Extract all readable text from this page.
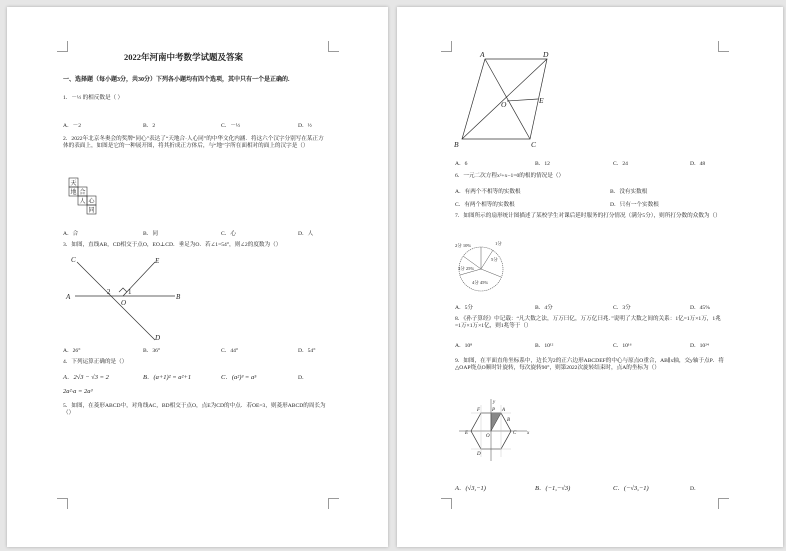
2022年河南中考数学试题及答案
一、选择题（每小题3分，共30分）下列各小题均有四个选项，其中只有一个是正确的.
1．－½ 的相反数是（ ）
A．－2	B．2	C．－½	D．½
2．2022年北京冬奥会的奖牌“同心”表达了“天地合·人心同”的中华文化内涵．将这六个汉字分别写在某正方体的表面上，如图是它的一种展开图，将其折成正方体后，与“地”字所在面相对的面上的汉字是（）
天
地 合
人 心
同
A．合	B．同	C．心	D．人
3．如图，直线AB，CD相交于点O，EO⊥CD．垂足为O．若∠1=54°，则∠2的度数为（）
C	E
A	B
D
O
1
2
A．26°	B．36°	C．44°	D．54°
4．下列运算正确的是（）
A．2√3 − √3 = 2	B．(a+1)² = a²+1	C．(a²)³ = a⁵	D．
2a²·a = 2a³
5．如图，在菱形ABCD中，对角线AC，BD相交于点O，点E为CD的中点．若OE=3，则菱形ABCD的周长为（）
A	D
E
O
B	C
A．6	B．12	C．24	D．48
6．一元二次方程x²+x−1=0的根的情况是（）
A．有两个不相等的实数根	B．没有实数根
C．有两个相等的实数根	D．只有一个实数根
7．如图所示的扇形统计图描述了某校学生对课后延时服务的打分情况（满分5分），则所打分数的众数为（）
2分 10%	1分
3分 25%
4分 45%
5分
A．5分	B．4分	C．3分	D．45%
8．《孙子算经》中记载：“凡大数之法，万万曰亿，万万亿曰兆．”说明了大数之间的关系：1亿=1万×1万，1兆=1万×1万×1亿，则1兆等于（）
A．10⁸	B．10¹²	C．10¹⁶	D．10²⁴
9．如图，在平面直角坐标系中，边长为2的正六边形ABCDEF的中心与原点O重合，AB∥x轴，交y轴于点P．将△OAP绕点O顺时针旋转，每次旋转90°，则第2022次旋转结束时，点A的坐标为（）
y
F	A
P
B
E	C x
D
O
A．(√3,−1)	B．(−1,−√3)	C．(−√3,−1)	D．
